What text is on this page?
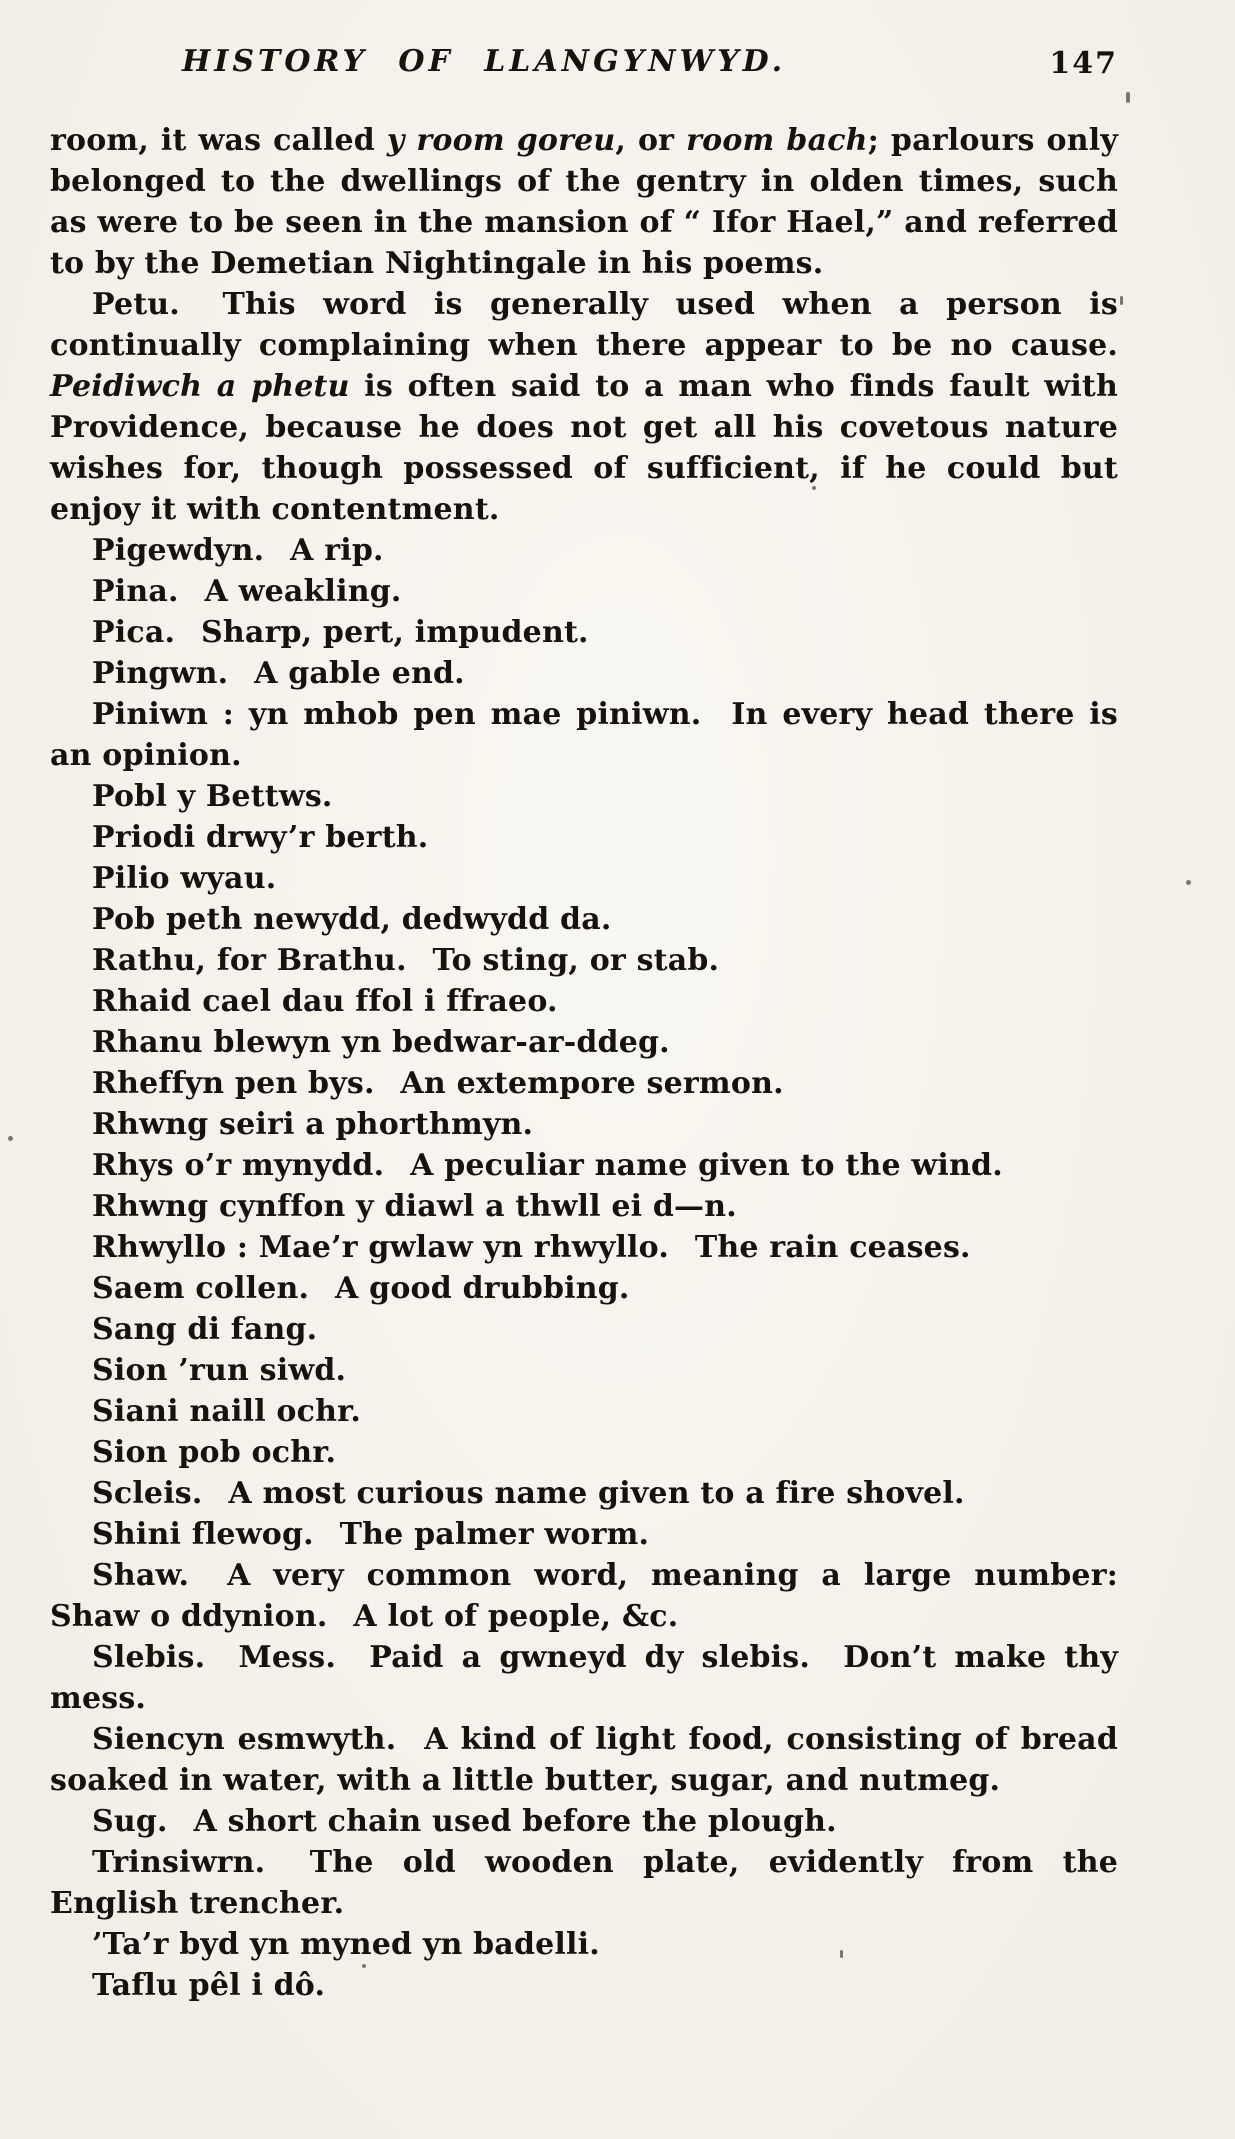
HISTORY OF LLANGYNWYD.	147

room, it was called y room goreu, or room bach; parlours only belonged to the dwellings of the gentry in olden times, such as were to be seen in the mansion of “ Ifor Hael,” and referred to by the Demetian Nightingale in his poems.

Petu.  This word is generally used when a person is continually complaining when there appear to be no cause. Peidiwch a phetu is often said to a man who finds fault with Providence, because he does not get all his covetous nature wishes for, though possessed of sufficient, if he could but enjoy it with contentment.

Pigewdyn.  A rip.

Pina.  A weakling.

Pica.  Sharp, pert, impudent.

Pingwn.  A gable end.

Piniwn : yn mhob pen mae piniwn.  In every head there is an opinion.

Pobl y Bettws.

Priodi drwy’r berth.

Pilio wyau.

Pob peth newydd, dedwydd da.

Rathu, for Brathu.  To sting, or stab.

Rhaid cael dau ffol i ffraeo.

Rhanu blewyn yn bedwar-ar-ddeg.

Rheffyn pen bys.  An extempore sermon.

Rhwng seiri a phorthmyn.

Rhys o’r mynydd.  A peculiar name given to the wind.

Rhwng cynffon y diawl a thwll ei d—n.

Rhwyllo : Mae’r gwlaw yn rhwyllo.  The rain ceases.

Saem collen.  A good drubbing.

Sang di fang.

Sion ’run siwd.

Siani naill ochr.

Sion pob ochr.

Scleis.  A most curious name given to a fire shovel.

Shini flewog.  The palmer worm.

Shaw.  A very common word, meaning a large number: Shaw o ddynion.  A lot of people, &c.

Slebis.  Mess.  Paid a gwneyd dy slebis.  Don’t make thy mess.

Siencyn esmwyth.  A kind of light food, consisting of bread soaked in water, with a little butter, sugar, and nutmeg.

Sug.  A short chain used before the plough.

Trinsiwrn.  The old wooden plate, evidently from the English trencher.

’Ta’r byd yn myned yn badelli.

Taflu pêl i dô.
